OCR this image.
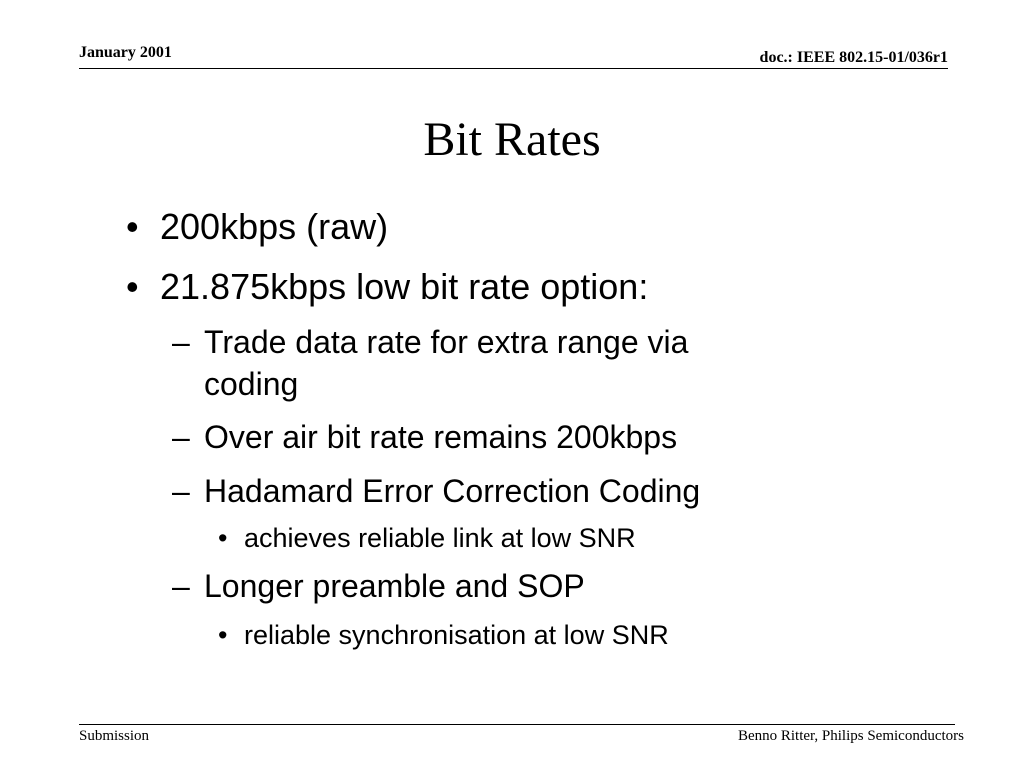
January 2001	doc.: IEEE 802.15-01/036r1
Bit Rates
• 200kbps (raw)
• 21.875kbps low bit rate option:
– Trade data rate for extra range via
coding
– Over air bit rate remains 200kbps
– Hadamard Error Correction Coding
• achieves reliable link at low SNR
– Longer preamble and SOP
• reliable synchronisation at low SNR
Submission	Benno Ritter, Philips Semiconductors
